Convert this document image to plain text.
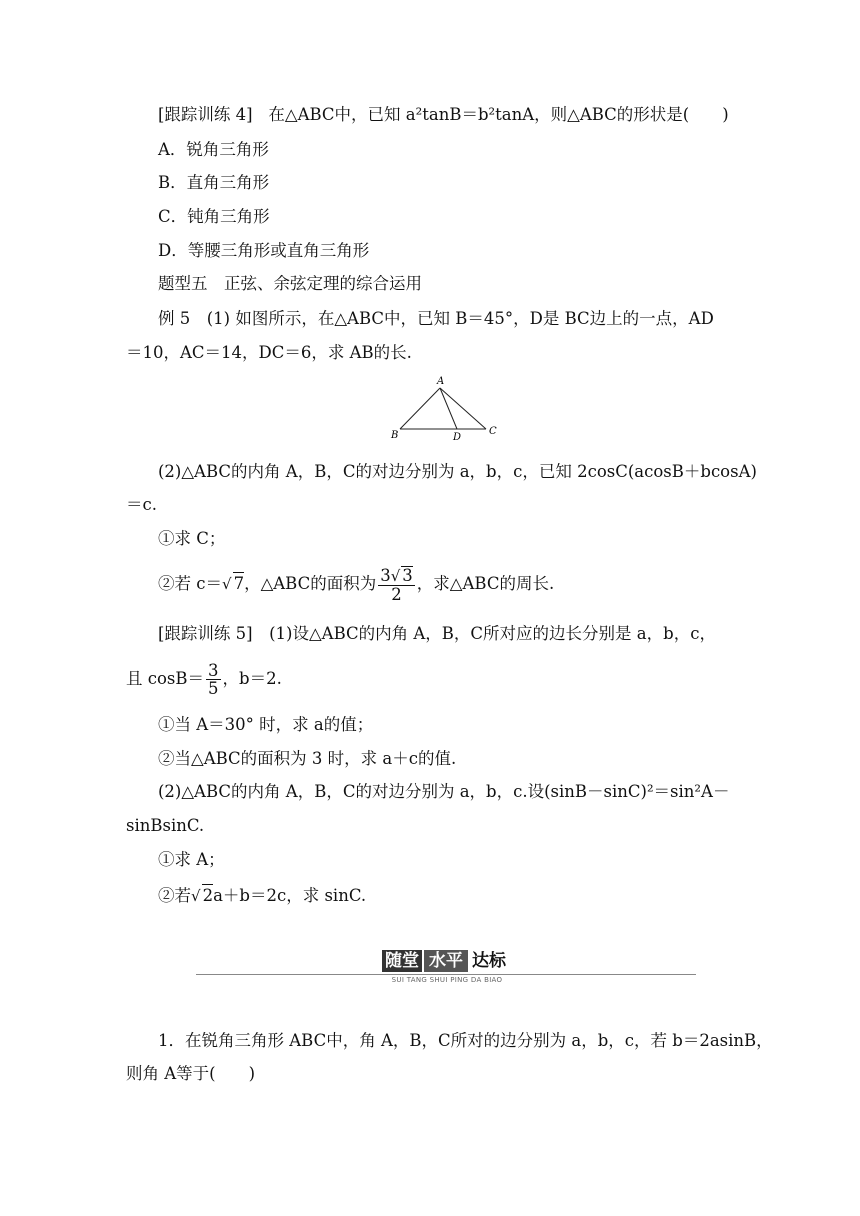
[跟踪训练 4] 在△ABC中，已知 a²tanB＝b²tanA，则△ABC的形状是(　　)
A．锐角三角形
B．直角三角形
C．钝角三角形
D．等腰三角形或直角三角形
题型五　正弦、余弦定理的综合运用
例 5　(1) 如图所示，在△ABC中，已知 B＝45°，D是 BC边上的一点，AD
＝10，AC＝14，DC＝6，求 AB的长.
A
B	C
D
(2)△ABC的内角 A，B，C的对边分别为 a，b，c，已知 2cosC(acosB＋bcosA)
＝c.
①求 C；
②若 c＝√ 7，△ABC的面积为 $\frac{3√ 3}{2}$ ，求△ABC的周长.
[跟踪训练 5]　(1)设△ABC的内角 A，B，C所对应的边长分别是 a，b，c，
且 $\cos B= \frac{3}{5}$ ，b＝2.
①当 A＝30° 时，求 a的值；
②当△ABC的面积为 3 时，求 a＋c的值.
(2)△ABC的内角 A，B，C的对边分别为 a，b，c.设(sinB－sinC)²＝sin²A－
sinBsinC.
①求 A；
②若√ 2a＋b＝2c，求 sinC.
随堂 水平 达标
SUI TANG SHUI PING DA BIAO
1．在锐角三角形 ABC中，角 A，B，C所对的边分别为 a，b，c，若 b＝2asinB，
则角 A等于(　　)
